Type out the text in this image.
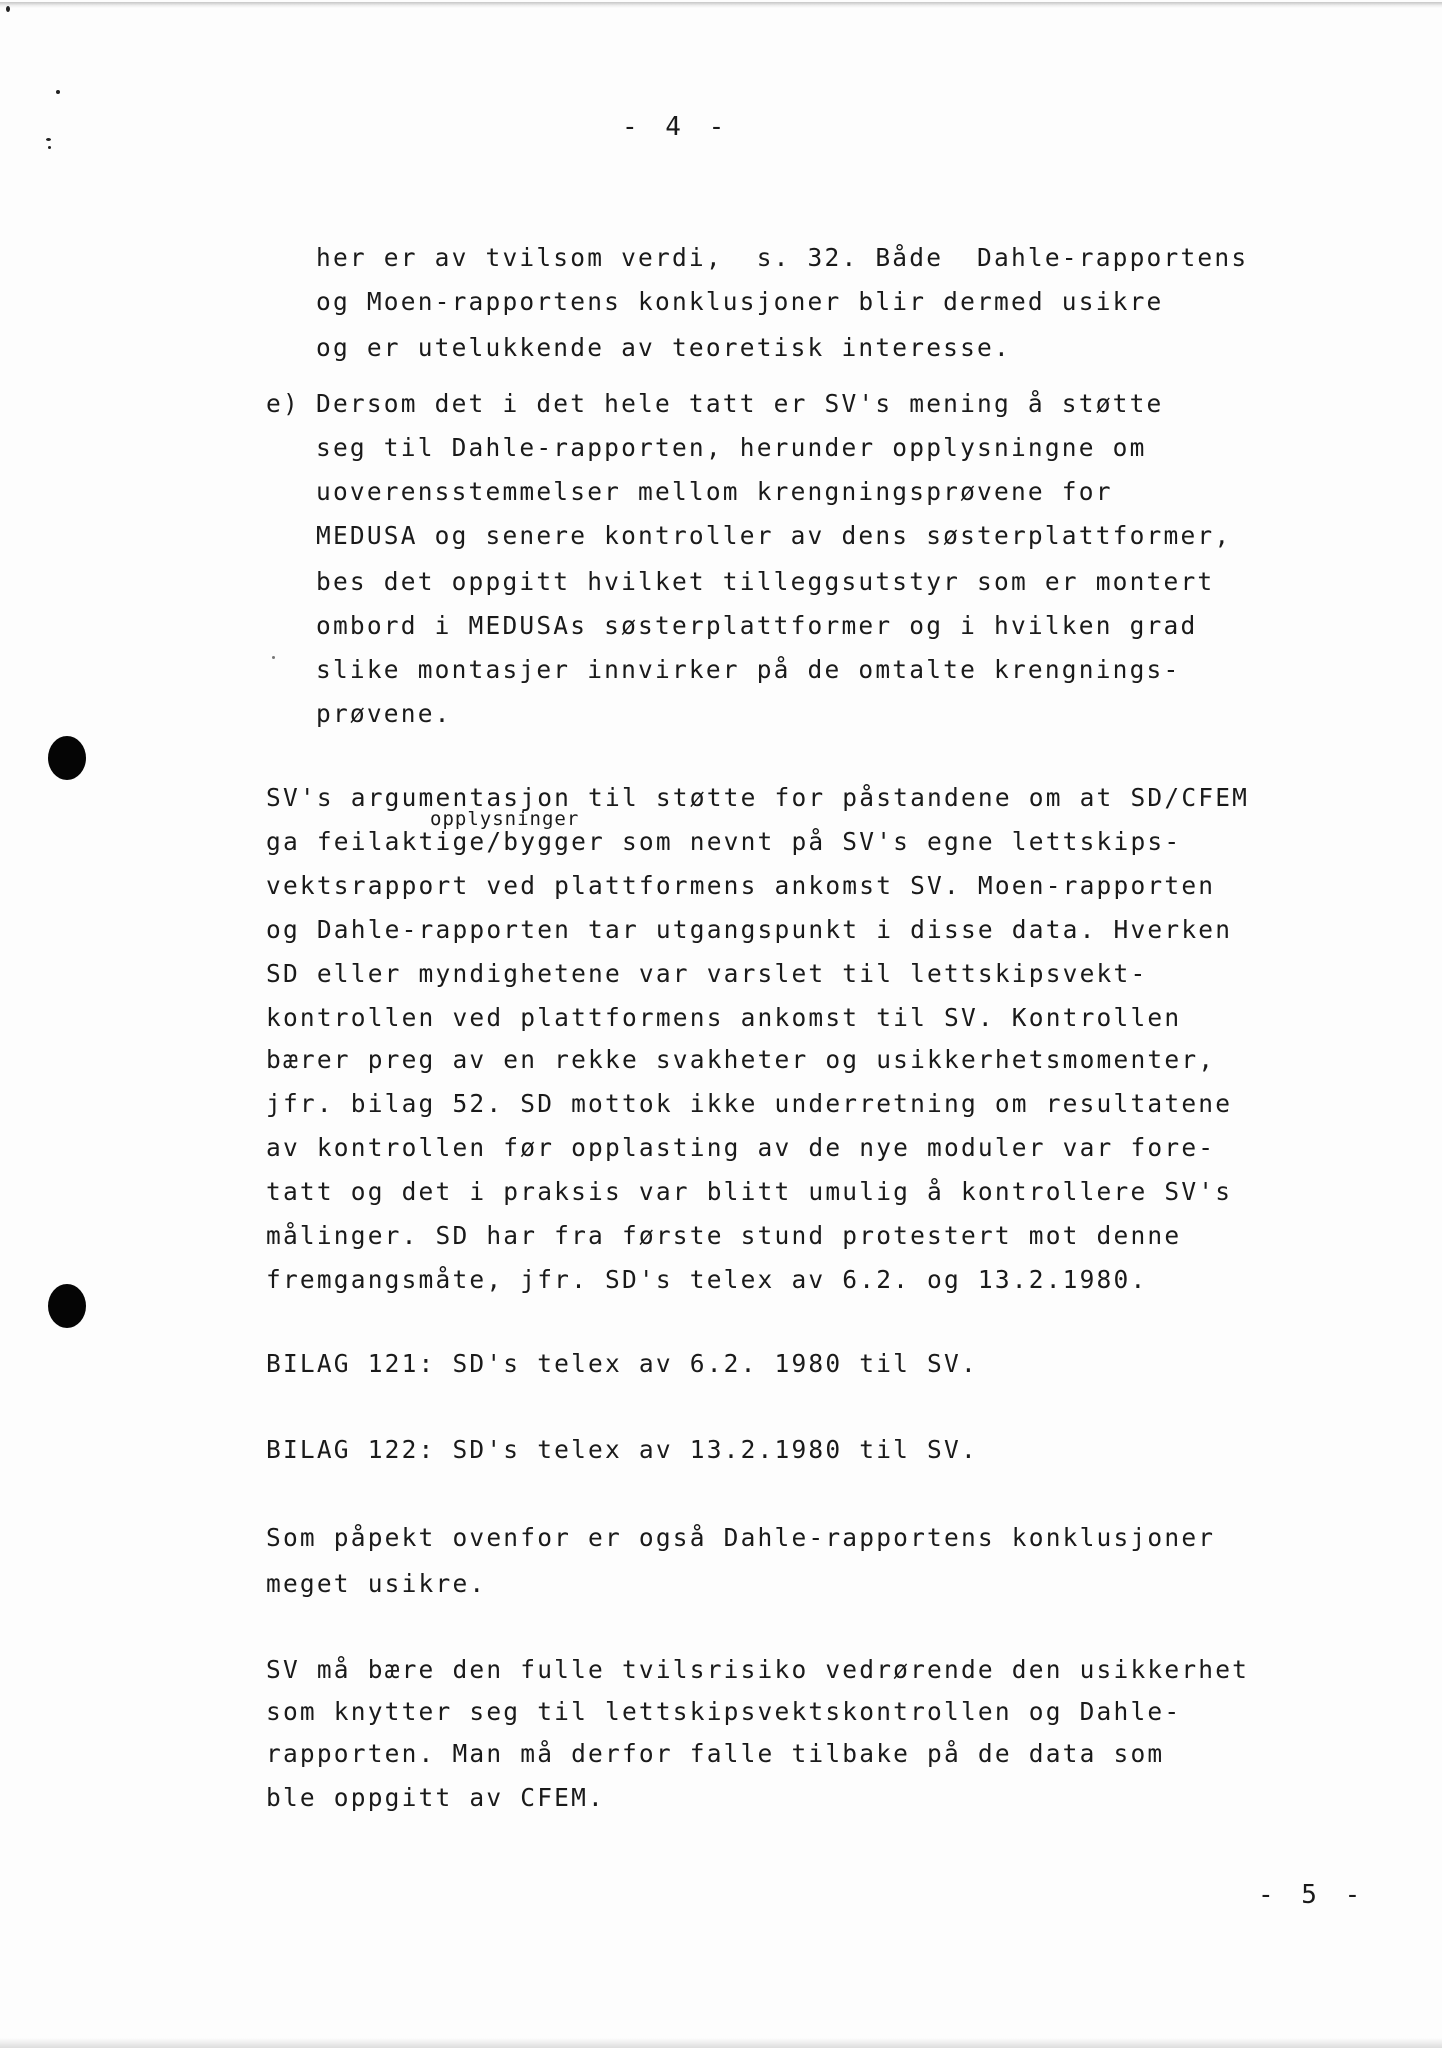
- 4 -
her er av tvilsom verdi,  s. 32. Både  Dahle-rapportens
og Moen-rapportens konklusjoner blir dermed usikre
og er utelukkende av teoretisk interesse.
e) Dersom det i det hele tatt er SV's mening å støtte
seg til Dahle-rapporten, herunder opplysningne om
uoverensstemmelser mellom krengningsprøvene for
MEDUSA og senere kontroller av dens søsterplattformer,
bes det oppgitt hvilket tilleggsutstyr som er montert
ombord i MEDUSAs søsterplattformer og i hvilken grad
slike montasjer innvirker på de omtalte krengnings-
prøvene.
SV's argumentasjon til støtte for påstandene om at SD/CFEM
opplysninger
ga feilaktige/bygger som nevnt på SV's egne lettskips-
vektsrapport ved plattformens ankomst SV. Moen-rapporten
og Dahle-rapporten tar utgangspunkt i disse data. Hverken
SD eller myndighetene var varslet til lettskipsvekt-
kontrollen ved plattformens ankomst til SV. Kontrollen
bærer preg av en rekke svakheter og usikkerhetsmomenter,
jfr. bilag 52. SD mottok ikke underretning om resultatene
av kontrollen før opplasting av de nye moduler var fore-
tatt og det i praksis var blitt umulig å kontrollere SV's
målinger. SD har fra første stund protestert mot denne
fremgangsmåte, jfr. SD's telex av 6.2. og 13.2.1980.
BILAG 121: SD's telex av 6.2. 1980 til SV.
BILAG 122: SD's telex av 13.2.1980 til SV.
Som påpekt ovenfor er også Dahle-rapportens konklusjoner
meget usikre.
SV må bære den fulle tvilsrisiko vedrørende den usikkerhet
som knytter seg til lettskipsvektskontrollen og Dahle-
rapporten. Man må derfor falle tilbake på de data som
ble oppgitt av CFEM.
- 5 -
